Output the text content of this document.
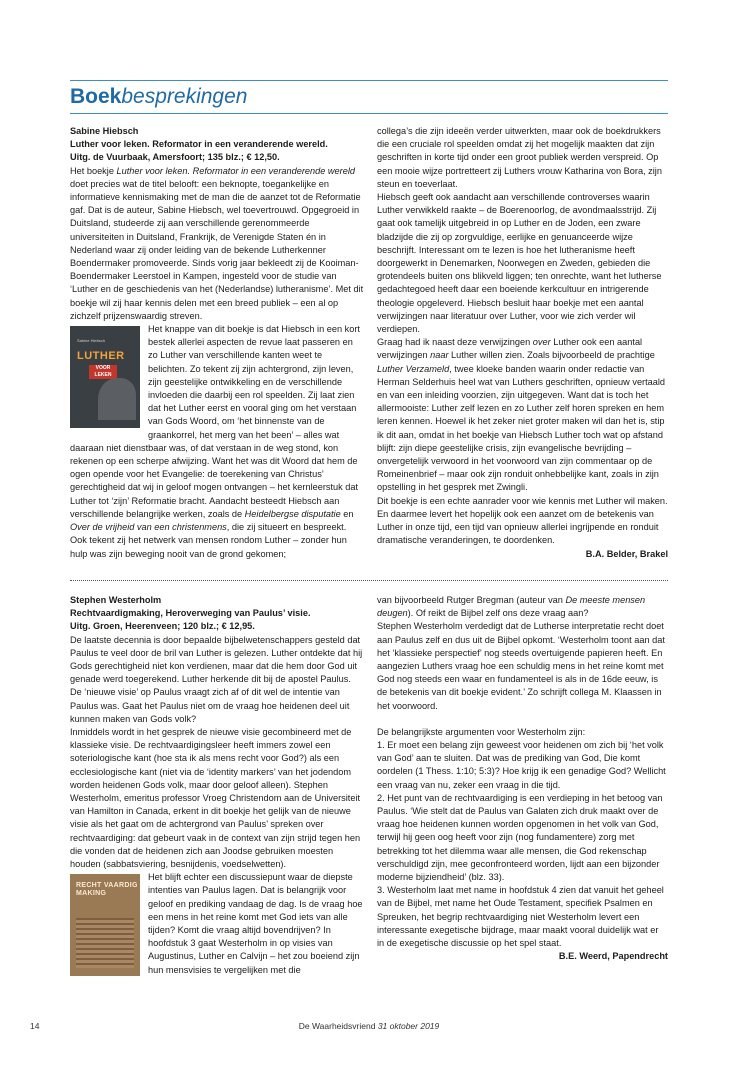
Boekbesprekingen

Sabine Hiebsch

Luther voor leken. Reformator in een veranderende wereld.

Uitg. de Vuurbaak, Amersfoort; 135 blz.; € 12,50.

Het boekje Luther voor leken. Reformator in een veranderende wereld doet precies wat de titel belooft: een beknopte, toegankelijke en informatieve kennismaking met de man die de aanzet tot de Reformatie gaf. Dat is de auteur, Sabine Hiebsch, wel toevertrouwd. Opgegroeid in Duitsland, studeerde zij aan verschillende gerenommeerde universiteiten in Duitsland, Frankrijk, de Verenigde Staten én in Nederland waar zij onder leiding van de bekende Lutherkenner Boendermaker promoveerde. Sinds vorig jaar bekleedt zij de Kooiman-Boendermaker Leerstoel in Kampen, ingesteld voor de studie van ‘Luther en de geschiedenis van het (Nederlandse) lutheranisme’. Met dit boekje wil zij haar kennis delen met een breed publiek – een al op zichzelf prijzenswaardig streven.

Sabine Hiebsch
LUTHER
VOOR LEKEN
Het knappe van dit boekje is dat Hiebsch in een kort bestek allerlei aspecten de revue laat passeren en zo Luther van verschillende kanten weet te belichten. Zo tekent zij zijn achtergrond, zijn leven, zijn geestelijke ontwikkeling en de verschillende invloeden die daarbij een rol speelden. Zij laat zien dat het Luther eerst en vooral ging om het verstaan van Gods Woord, om ‘het binnenste van de graankorrel, het merg van het been’ – alles wat daaraan niet dienstbaar was, of dat verstaan in de weg stond, kon rekenen op een scherpe afwijzing. Want het was dit Woord dat hem de ogen opende voor het Evangelie: de toerekening van Christus’ gerechtigheid dat wij in geloof mogen ontvangen – het kernleerstuk dat Luther tot ‘zijn’ Reformatie bracht. Aandacht besteedt Hiebsch aan verschillende belangrijke werken, zoals de Heidelbergse disputatie en Over de vrijheid van een christenmens, die zij situeert en bespreekt. Ook tekent zij het netwerk van mensen rondom Luther – zonder hun hulp was zijn beweging nooit van de grond gekomen;

collega’s die zijn ideeën verder uitwerkten, maar ook de boekdrukkers die een cruciale rol speelden omdat zij het mogelijk maakten dat zijn geschriften in korte tijd onder een groot publiek werden verspreid. Op een mooie wijze portretteert zij Luthers vrouw Katharina von Bora, zijn steun en toeverlaat.

Hiebsch geeft ook aandacht aan verschillende controverses waarin Luther verwikkeld raakte – de Boerenoorlog, de avondmaalsstrijd. Zij gaat ook tamelijk uitgebreid in op Luther en de Joden, een zware bladzijde die zij op zorgvuldige, eerlijke en genuanceerde wijze beschrijft. Interessant om te lezen is hoe het lutheranisme heeft doorgewerkt in Denemarken, Noorwegen en Zweden, gebieden die grotendeels buiten ons blikveld liggen; ten onrechte, want het lutherse gedachtegoed heeft daar een boeiende kerkcultuur en intrigerende theologie opgeleverd. Hiebsch besluit haar boekje met een aantal verwijzingen naar literatuur over Luther, voor wie zich verder wil verdiepen.

Graag had ik naast deze verwijzingen over Luther ook een aantal verwijzingen naar Luther willen zien. Zoals bijvoorbeeld de prachtige Luther Verzameld, twee kloeke banden waarin onder redactie van Herman Selderhuis heel wat van Luthers geschriften, opnieuw vertaald en van een inleiding voorzien, zijn uitgegeven. Want dat is toch het allermooiste: Luther zelf lezen en zo Luther zelf horen spreken en hem leren kennen. Hoewel ik het zeker niet groter maken wil dan het is, stip ik dit aan, omdat in het boekje van Hiebsch Luther toch wat op afstand blijft: zijn diepe geestelijke crisis, zijn evangelische bevrijding – onvergetelijk verwoord in het voorwoord van zijn commentaar op de Romeinenbrief – maar ook zijn ronduit onhebbelijke kant, zoals in zijn opstelling in het gesprek met Zwingli.

Dit boekje is een echte aanrader voor wie kennis met Luther wil maken. En daarmee levert het hopelijk ook een aanzet om de betekenis van Luther in onze tijd, een tijd van opnieuw allerlei ingrijpende en ronduit dramatische veranderingen, te doordenken.

B.A. Belder, Brakel

Stephen Westerholm

Rechtvaardigmaking, Heroverweging van Paulus’ visie.

Uitg. Groen, Heerenveen; 120 blz.; € 12,95.

De laatste decennia is door bepaalde bijbelwetenschappers gesteld dat Paulus te veel door de bril van Luther is gelezen. Luther ontdekte dat hij Gods gerechtigheid niet kon verdienen, maar dat die hem door God uit genade werd toegerekend. Luther herkende dit bij de apostel Paulus. De ‘nieuwe visie’ op Paulus vraagt zich af of dit wel de intentie van Paulus was. Gaat het Paulus niet om de vraag hoe heidenen deel uit kunnen maken van Gods volk?

Inmiddels wordt in het gesprek de nieuwe visie gecombineerd met de klassieke visie. De rechtvaardigingsleer heeft immers zowel een soteriologische kant (hoe sta ik als mens recht voor God?) als een ecclesiologische kant (niet via de ‘identity markers’ van het jodendom worden heidenen Gods volk, maar door geloof alleen). Stephen Westerholm, emeritus professor Vroeg Christendom aan de Universiteit van Hamilton in Canada, erkent in dit boekje het gelijk van de nieuwe visie als het gaat om de achtergrond van Paulus’ spreken over rechtvaardiging: dat gebeurt vaak in de context van zijn strijd tegen hen die vonden dat de heidenen zich aan Joodse gebruiken moesten houden (sabbatsviering, besnijdenis, voedselwetten).

RECHT VAARDIG MAKING
Het blijft echter een discussiepunt waar de diepste intenties van Paulus lagen. Dat is belangrijk voor geloof en prediking vandaag de dag. Is de vraag hoe een mens in het reine komt met God iets van alle tijden? Komt die vraag altijd bovendrijven? In hoofdstuk 3 gaat Westerholm in op visies van Augustinus, Luther en Calvijn – het zou boeiend zijn hun mensvisies te vergelijken met die

van bijvoorbeeld Rutger Bregman (auteur van De meeste mensen deugen). Of reikt de Bijbel zelf ons deze vraag aan?

Stephen Westerholm verdedigt dat de Lutherse interpretatie recht doet aan Paulus zelf en dus uit de Bijbel opkomt. ‘Westerholm toont aan dat het ‘klassieke perspectief’ nog steeds overtuigende papieren heeft. En aangezien Luthers vraag hoe een schuldig mens in het reine komt met God nog steeds een waar en fundamenteel is als in de 16de eeuw, is de betekenis van dit boekje evident.’ Zo schrijft collega M. Klaassen in het voorwoord.

De belangrijkste argumenten voor Westerholm zijn:

1. Er moet een belang zijn geweest voor heidenen om zich bij ‘het volk van God’ aan te sluiten. Dat was de prediking van God, Die komt oordelen (1 Thess. 1:10; 5:3)? Hoe krijg ik een genadige God? Wellicht een vraag van nu, zeker een vraag in die tijd.

2. Het punt van de rechtvaardiging is een verdieping in het betoog van Paulus. ‘Wie stelt dat de Paulus van Galaten zich druk maakt over de vraag hoe heidenen kunnen worden opgenomen in het volk van God, terwijl hij geen oog heeft voor zijn (nog fundamentere) zorg met betrekking tot het dilemma waar alle mensen, die God rekenschap verschuldigd zijn, mee geconfronteerd worden, lijdt aan een bijzonder moderne bijziendheid’ (blz. 33).

3. Westerholm laat met name in hoofdstuk 4 zien dat vanuit het geheel van de Bijbel, met name het Oude Testament, specifiek Psalmen en Spreuken, het begrip rechtvaardiging niet Westerholm levert een interessante exegetische bijdrage, maar maakt vooral duidelijk wat er in de exegetische discussie op het spel staat.

B.E. Weerd, Papendrecht

14	De Waarheidsvriend 31 oktober 2019
